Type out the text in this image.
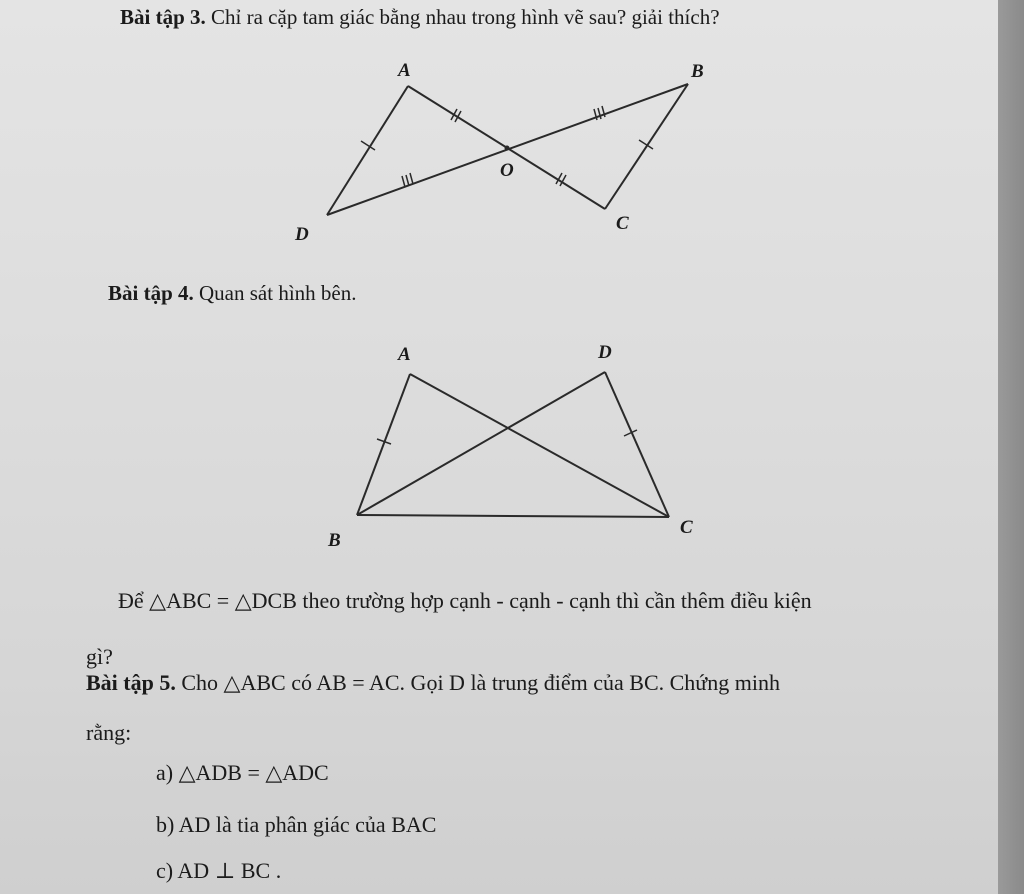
Bài tập 3. Chỉ ra cặp tam giác bằng nhau trong hình vẽ sau? giải thích?
A	B
O
D
C
Bài tập 4. Quan sát hình bên.
A	D
B
C
Để △ABC = △DCB theo trường hợp cạnh - cạnh - cạnh thì cần thêm điều kiện
gì?
Bài tập 5. Cho △ABC có AB = AC. Gọi D là trung điểm của BC. Chứng minh
rằng:
a) △ADB = △ADC
b) AD là tia phân giác của BAC
c) AD ⊥ BC .
